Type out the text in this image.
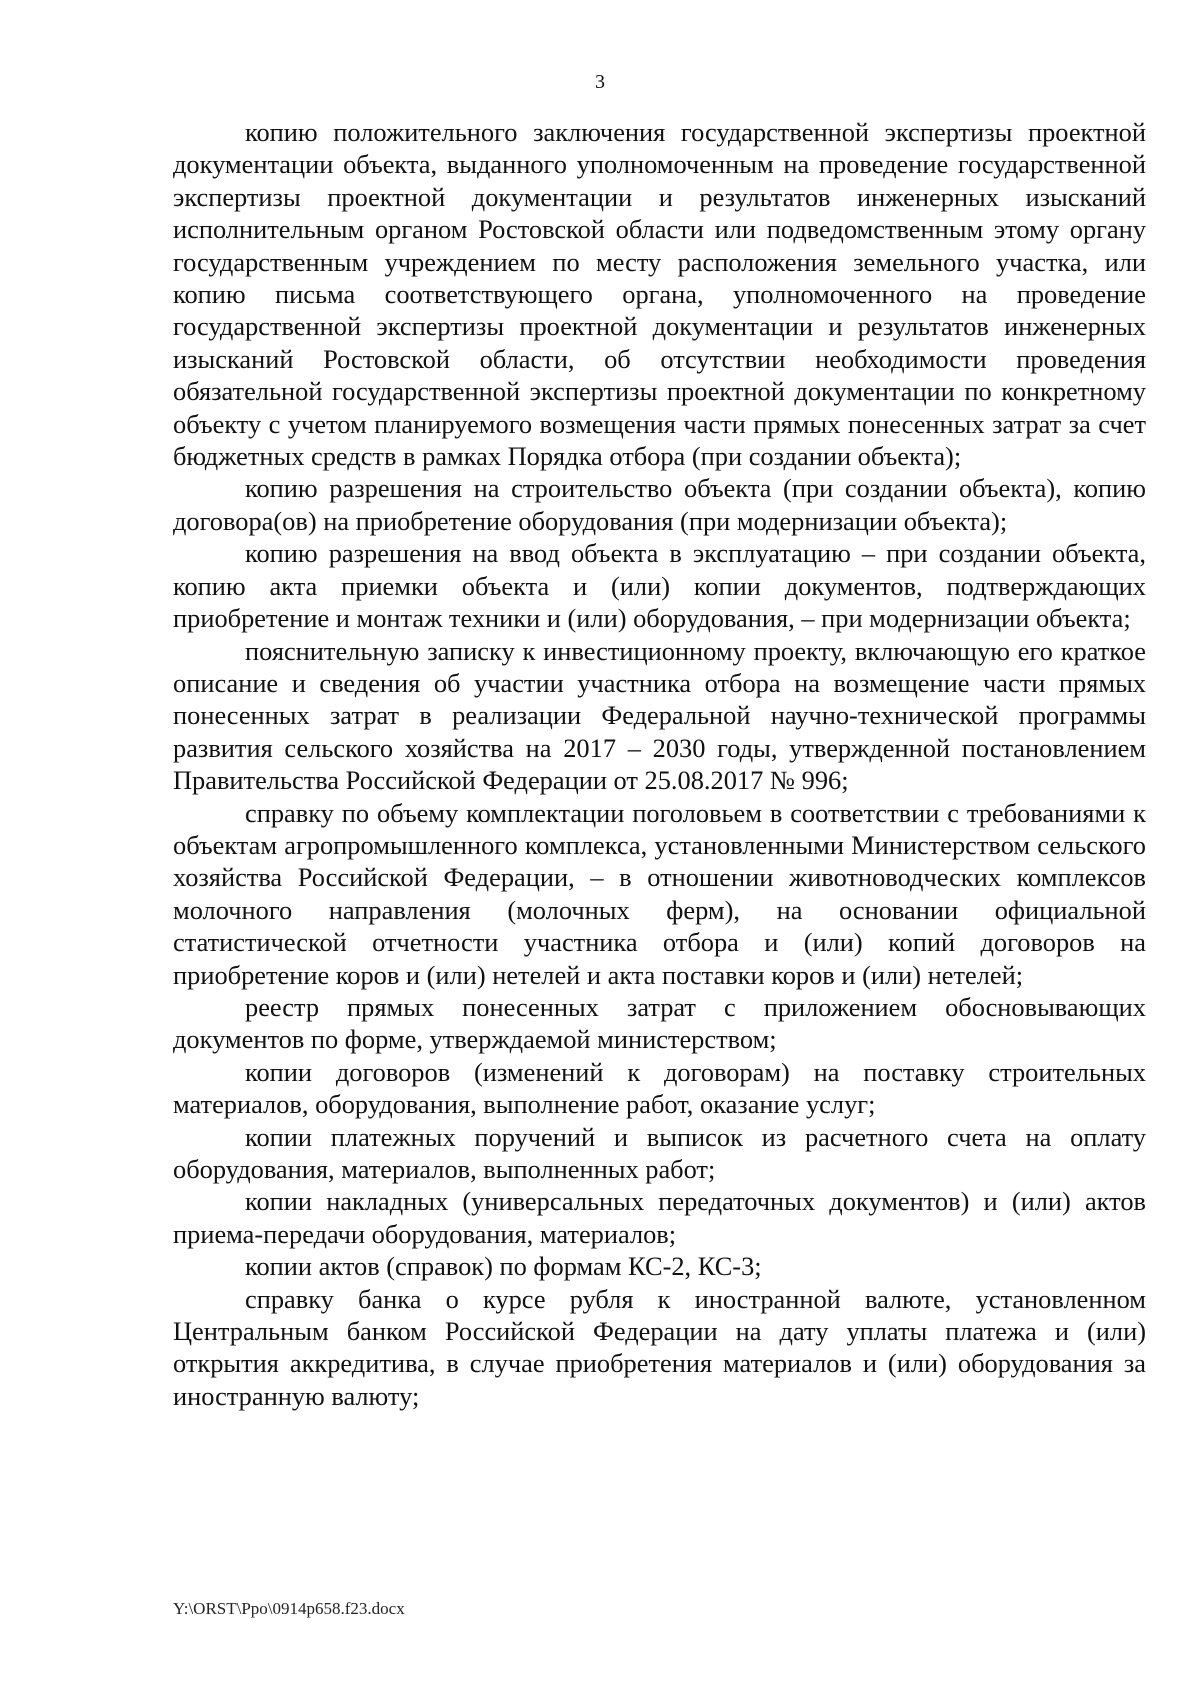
3

копию положительного заключения государственной экспертизы проектной документации объекта, выданного уполномоченным на проведение государственной экспертизы проектной документации и результатов инженерных изысканий исполнительным органом Ростовской области или подведомственным этому органу государственным учреждением по месту расположения земельного участка, или копию письма соответствующего органа, уполномоченного на проведение государственной экспертизы проектной документации и результатов инженерных изысканий Ростовской области, об отсутствии необходимости проведения обязательной государственной экспертизы проектной документации по конкретному объекту с учетом планируемого возмещения части прямых понесенных затрат за счет бюджетных средств в рамках Порядка отбора (при создании объекта);

копию разрешения на строительство объекта (при создании объекта), копию договора(ов) на приобретение оборудования (при модернизации объекта);

копию разрешения на ввод объекта в эксплуатацию – при создании объекта, копию акта приемки объекта и (или) копии документов, подтверждающих приобретение и монтаж техники и (или) оборудования, – при модернизации объекта;

пояснительную записку к инвестиционному проекту, включающую его краткое описание и сведения об участии участника отбора на возмещение части прямых понесенных затрат в реализации Федеральной научно-технической программы развития сельского хозяйства на 2017 – 2030 годы, утвержденной постановлением Правительства Российской Федерации от 25.08.2017 № 996;

справку по объему комплектации поголовьем в соответствии с требованиями к объектам агропромышленного комплекса, установленными Министерством сельского хозяйства Российской Федерации, – в отношении животноводческих комплексов молочного направления (молочных ферм), на основании официальной статистической отчетности участника отбора и (или) копий договоров на приобретение коров и (или) нетелей и акта поставки коров и (или) нетелей;

реестр прямых понесенных затрат с приложением обосновывающих документов по форме, утверждаемой министерством;

копии договоров (изменений к договорам) на поставку строительных материалов, оборудования, выполнение работ, оказание услуг;

копии платежных поручений и выписок из расчетного счета на оплату оборудования, материалов, выполненных работ;

копии накладных (универсальных передаточных документов) и (или) актов приема-передачи оборудования, материалов;

копии актов (справок) по формам КС-2, КС-3;

справку банка о курсе рубля к иностранной валюте, установленном Центральным банком Российской Федерации на дату уплаты платежа и (или) открытия аккредитива, в случае приобретения материалов и (или) оборудования за иностранную валюту;

Y:\ORST\Ppo\0914p658.f23.docx
